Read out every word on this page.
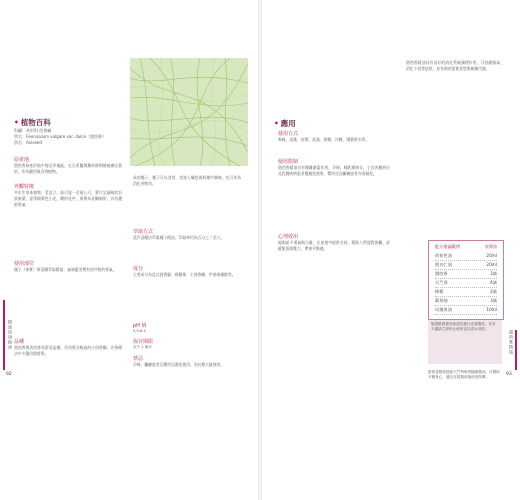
• 植物百科
科屬：傘形科 茴香屬
學名：Foeniculum vulgare var. dulce（甜茴香）
別名：Aniseed
原產地
甜茴香原產於地中海沿岸地區，在古希臘與羅馬時期便被廣泛栽培，作為藥用與食用植物。
外觀特徵
多年生草本植物，莖直立，高可達一至兩公尺，葉片呈細絲狀羽狀複葉，夏季開黃色小花，繖形花序，果實為長橢圓形，具有濃郁香氣。
使用部位
種子（果實）經蒸餾萃取精油，氣味甜美帶有茴芹般的香氣。
品種
甜茴香與苦茴香為常見品種，苦茴香含較高的小茴香酮，芳香療法中多選用甜茴香。
成的種子，種子可以食用，常加入麵包與料理中調味，也可作為消化茶飲用。
萃取方式
蒸汽蒸餾法萃取種子精油，萃取率約為百分之二至六。
成分
主要成分為反式茴香腦、檸檬烯、小茴香酮、甲基胡椒酚等。
pH 值
5.9-6.4
保存期限
至少 1 個月
禁忌
孕婦、癲癇患者及嬰幼兒避免使用，勿長期大量使用。
精油用途指南
92
• 應用
使用方式
吸嗅、蒸薰、按摩、泡澡、熱敷、冷敷、調製香水等。
使用限制
甜茴香精油具有類雌激素作用，孕婦、哺乳期婦女、子宮內膜異位及乳腺疾病患者應避免使用，嬰幼兒及癲癇患者亦須避免。
心理效用
能夠給予勇氣與力量，在逆境中提供支持，幫助人們面對困難，舒緩緊張與壓力，帶來平衡感。
甜茴香精油具有良好的消化系統調理作用，可舒緩脹氣、消化不良等症狀，並有助於促進食慾與新陳代謝。
甜茴香精油
93
配方建議範例	按摩油
荷荷芭油	20ml
甜杏仁油	20ml
甜茴香	3滴
天竺葵	4滴
檸檬	2滴
葡萄柚	3滴
玫瑰果油	10ml
敏感肌膚使用前請先進行皮膚測試，若有不適請立即停止使用並以清水沖洗。
甜茴香精油搭配天竺葵與柑橘類精油，可幫助平衡身心，適合在經期前後使用按摩。
